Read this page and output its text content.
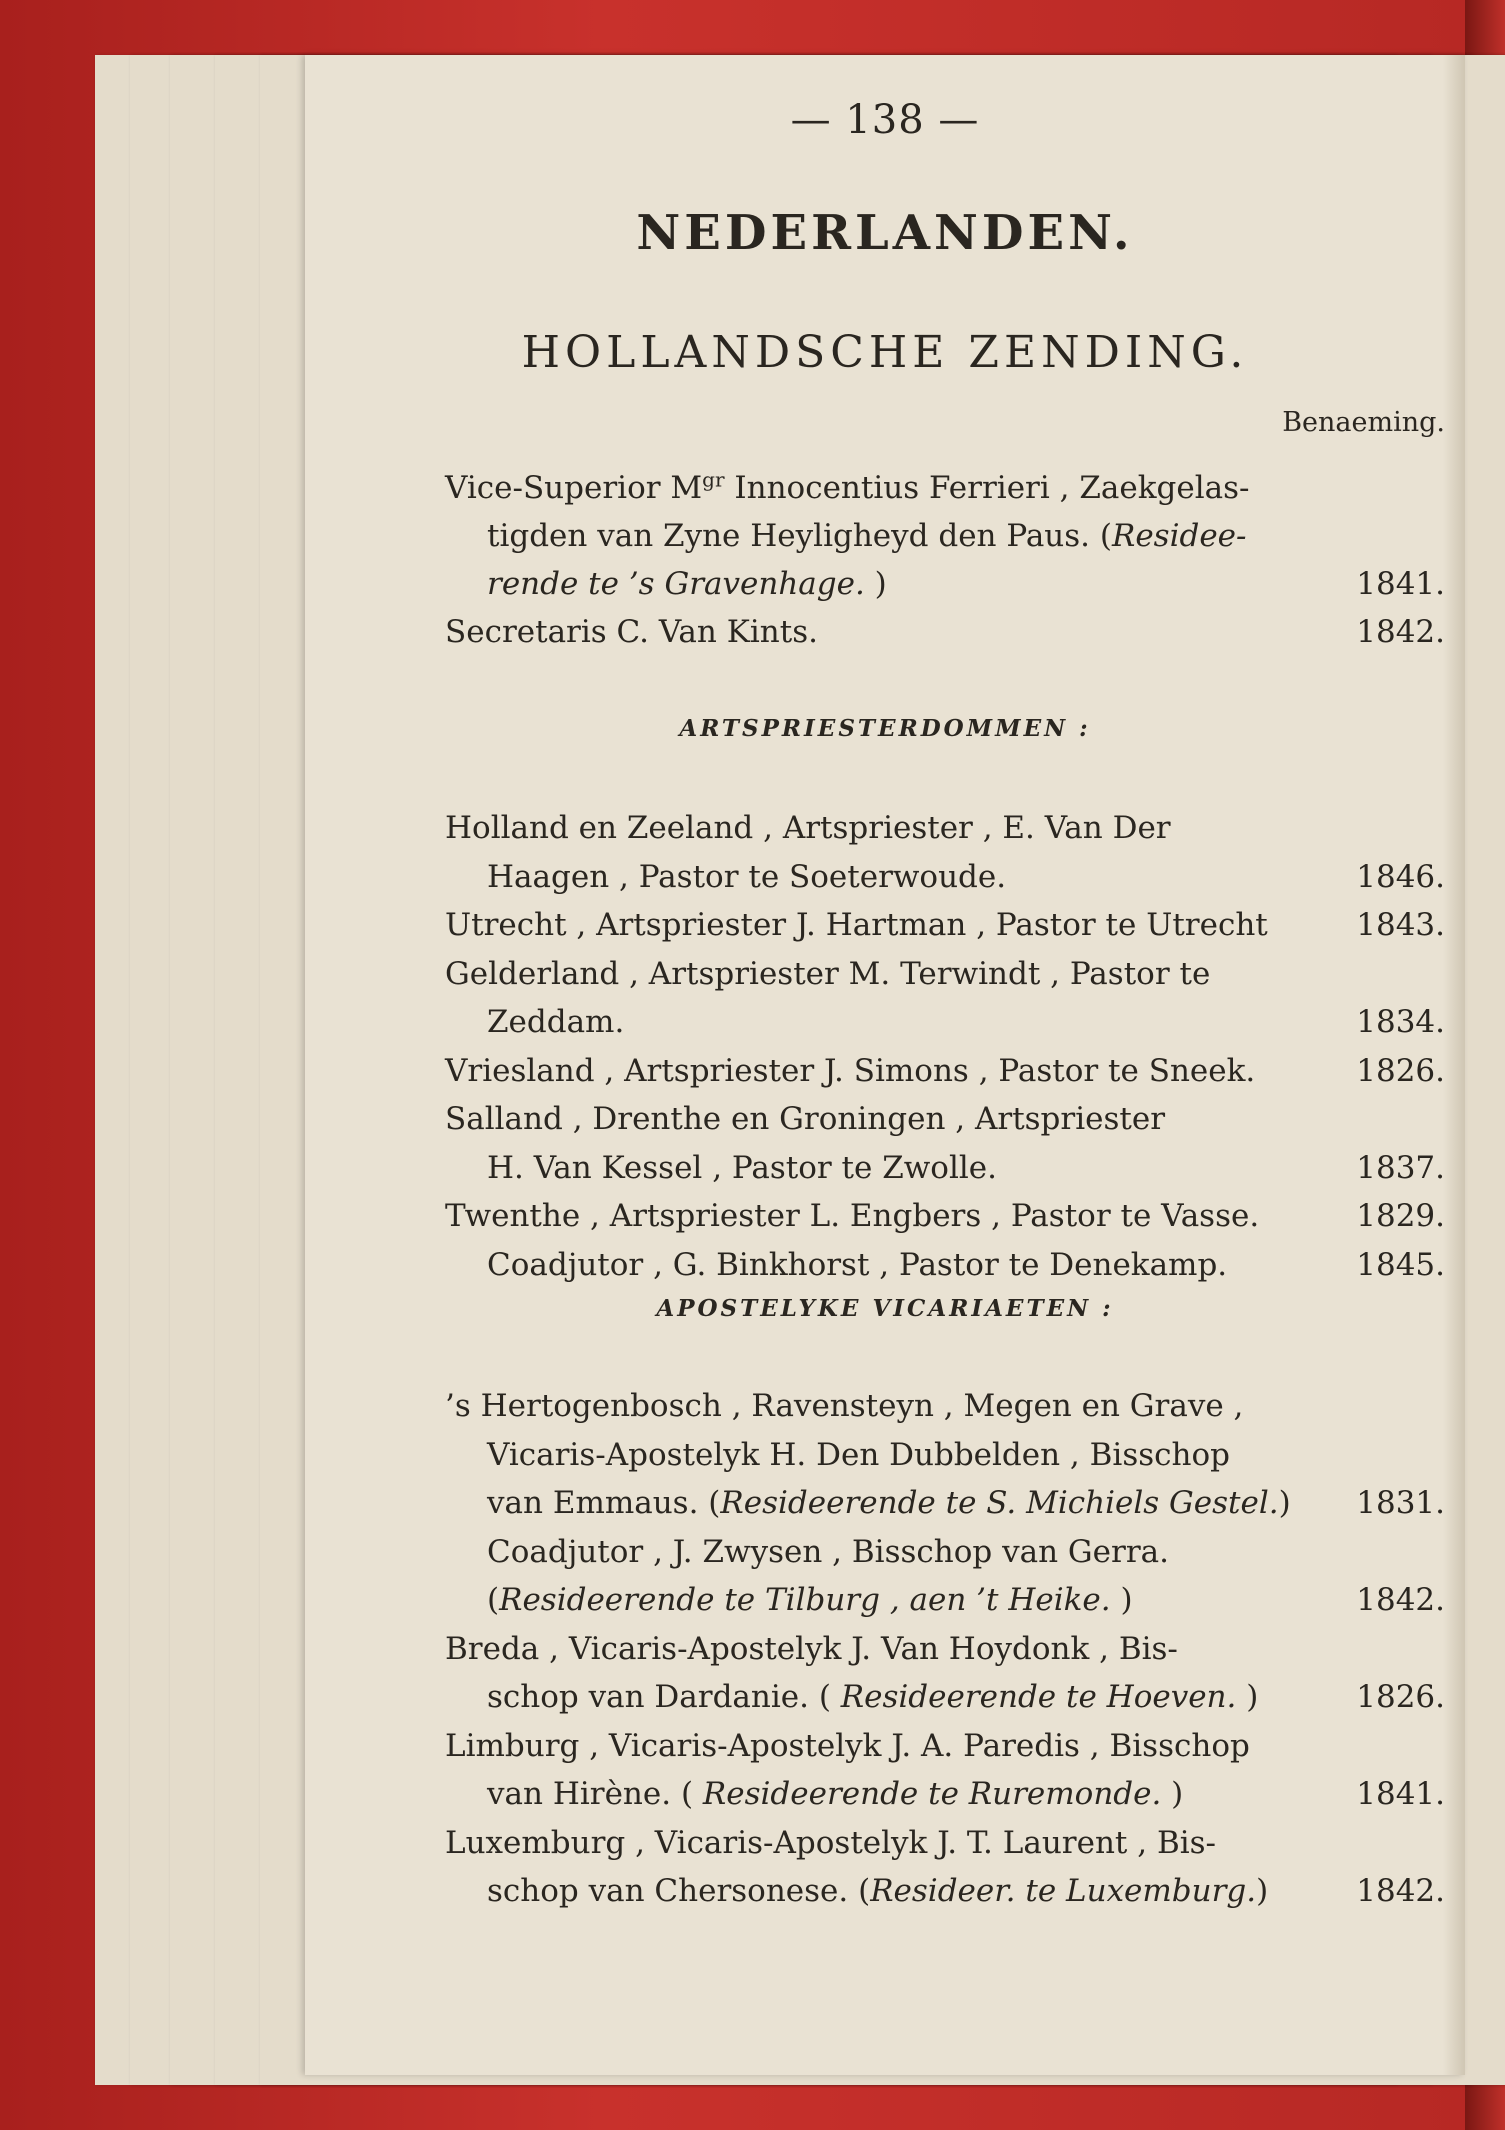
— 138 —
NEDERLANDEN.
HOLLANDSCHE ZENDING.
Benaeming.
Vice-Superior $M^{gr}$ Innocentius Ferrieri , Zaekgelas-
tigden van Zyne Heyligheyd den Paus. (Residee-
rende te ’s Gravenhage. )	1841.
Secretaris C. Van Kints.	1842.
ARTSPRIESTERDOMMEN :
Holland en Zeeland , Artspriester , E. Van Der
Haagen , Pastor te Soeterwoude.	1846.
Utrecht , Artspriester J. Hartman , Pastor te Utrecht	1843.
Gelderland , Artspriester M. Terwindt , Pastor te
Zeddam.	1834.
Vriesland , Artspriester J. Simons , Pastor te Sneek.	1826.
Salland , Drenthe en Groningen , Artspriester
H. Van Kessel , Pastor te Zwolle.	1837.
Twenthe , Artspriester L. Engbers , Pastor te Vasse.	1829.
Coadjutor , G. Binkhorst , Pastor te Denekamp.	1845.
APOSTELYKE VICARIAETEN :
’s Hertogenbosch , Ravensteyn , Megen en Grave ,
Vicaris-Apostelyk H. Den Dubbelden , Bisschop
van Emmaus. (Resideerende te S. Michiels Gestel.) 1831.
Coadjutor , J. Zwysen , Bisschop van Gerra.
(Resideerende te Tilburg , aen ’t Heike. )	1842.
Breda , Vicaris-Apostelyk J. Van Hoydonk , Bis-
schop van Dardanie. ( Resideerende te Hoeven. )	1826.
Limburg , Vicaris-Apostelyk J. A. Paredis , Bisschop
van Hirène. ( Resideerende te Ruremonde. )	1841.
Luxemburg , Vicaris-Apostelyk J. T. Laurent , Bis-
schop van Chersonese. (Resideer. te Luxemburg.)	1842.
